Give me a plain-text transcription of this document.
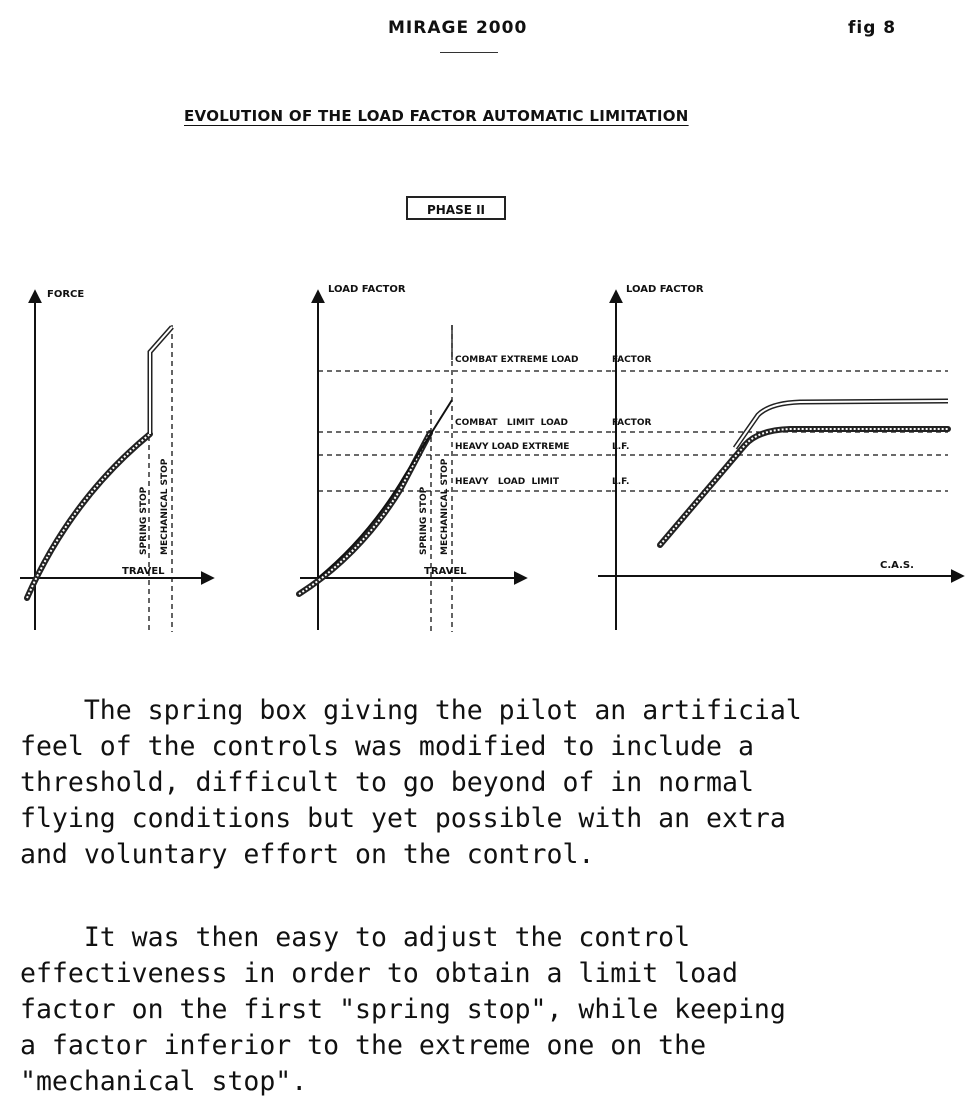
MIRAGE 2000	fig 8
EVOLUTION OF THE LOAD FACTOR AUTOMATIC LIMITATION
PHASE II
FORCE
TRAVEL
SPRING STOP MECHANICAL STOP
LOAD FACTOR
TRAVEL
COMBAT EXTREME LOAD	FACTOR
COMBAT   LIMIT  LOAD	FACTOR
HEAVY LOAD EXTREME	L.F.
HEAVY   LOAD  LIMIT	L.F.
SPRING STOP MECHANICAL STOP
LOAD FACTOR
C.A.S.

The spring box giving the pilot an artificial
feel of the controls was modified to include a
threshold, difficult to go beyond of in normal
flying conditions but yet possible with an extra
and voluntary effort on the control.

It was then easy to adjust the control
effectiveness in order to obtain a limit load
factor on the first "spring stop", while keeping
a factor inferior to the extreme one on the
"mechanical stop".
